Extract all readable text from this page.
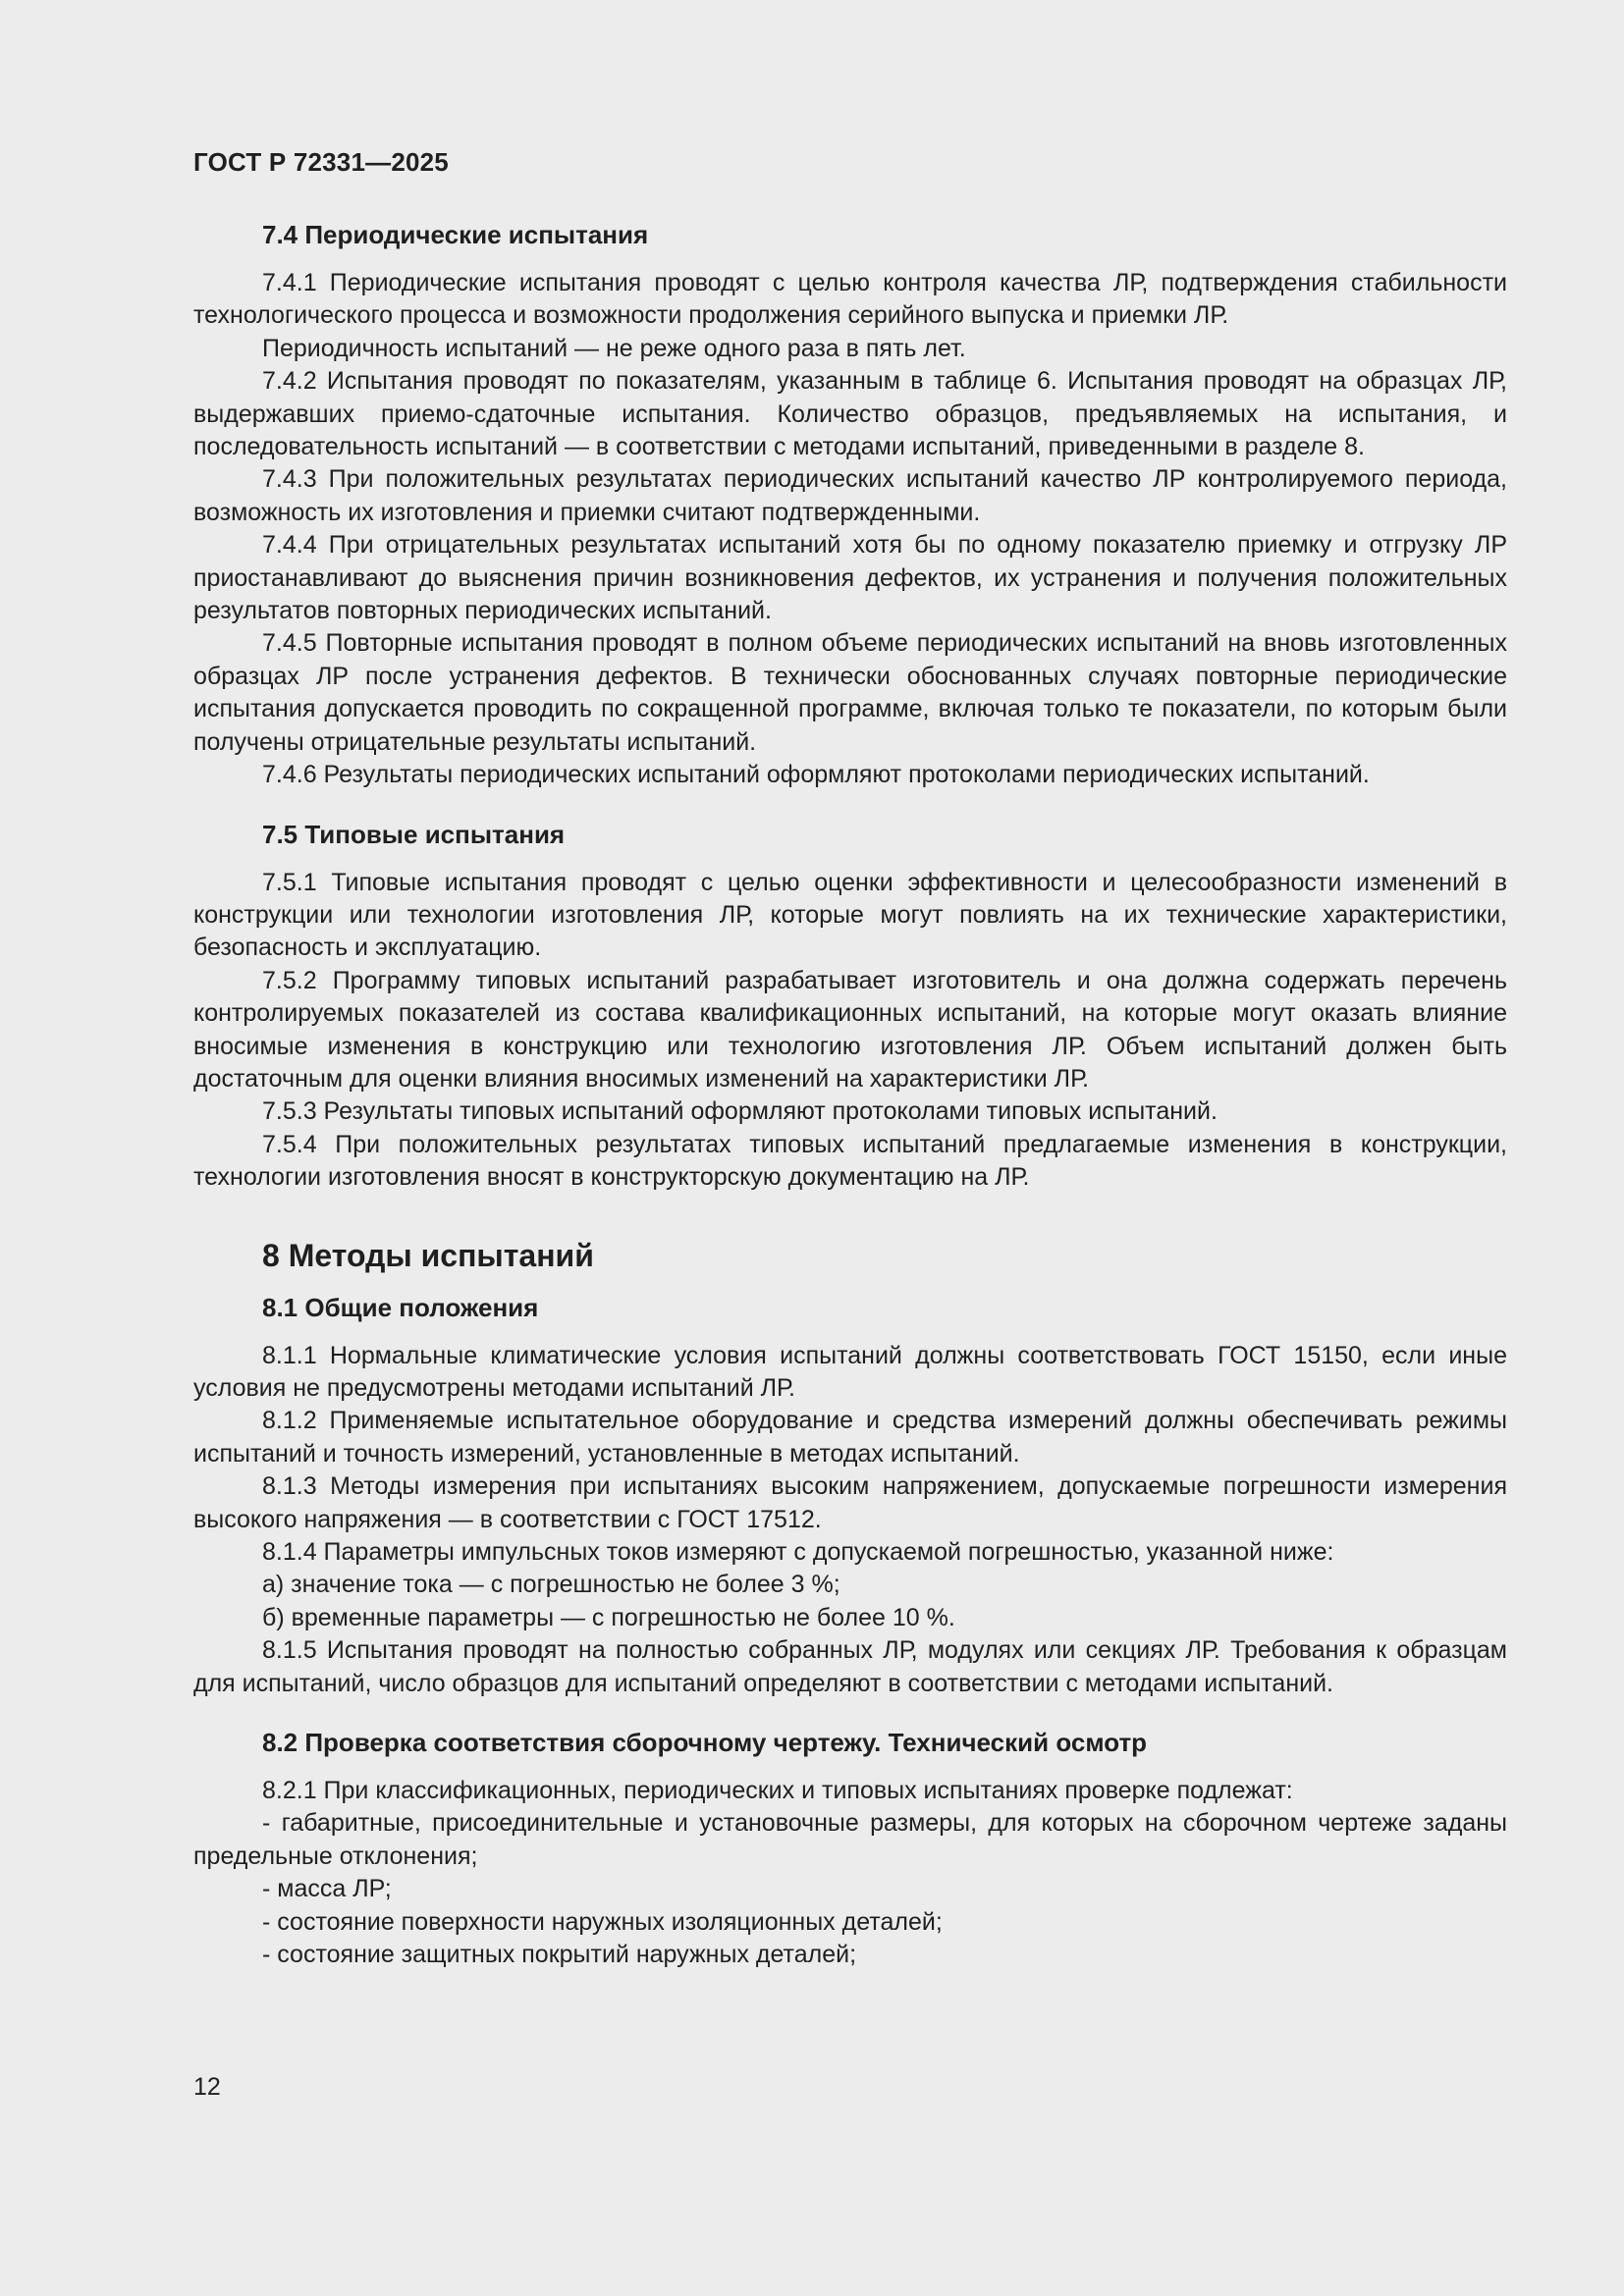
ГОСТ Р 72331—2025
7.4 Периодические испытания

7.4.1 Периодические испытания проводят с целью контроля качества ЛР, подтверждения стабильности технологического процесса и возможности продолжения серийного выпуска и приемки ЛР.

Периодичность испытаний — не реже одного раза в пять лет.

7.4.2 Испытания проводят по показателям, указанным в таблице 6. Испытания проводят на образцах ЛР, выдержавших приемо-сдаточные испытания. Количество образцов, предъявляемых на испытания, и последовательность испытаний — в соответствии с методами испытаний, приведенными в разделе 8.

7.4.3 При положительных результатах периодических испытаний качество ЛР контролируемого периода, возможность их изготовления и приемки считают подтвержденными.

7.4.4 При отрицательных результатах испытаний хотя бы по одному показателю приемку и отгрузку ЛР приостанавливают до выяснения причин возникновения дефектов, их устранения и получения положительных результатов повторных периодических испытаний.

7.4.5 Повторные испытания проводят в полном объеме периодических испытаний на вновь изготовленных образцах ЛР после устранения дефектов. В технически обоснованных случаях повторные периодические испытания допускается проводить по сокращенной программе, включая только те показатели, по которым были получены отрицательные результаты испытаний.

7.4.6 Результаты периодических испытаний оформляют протоколами периодических испытаний.

7.5 Типовые испытания

7.5.1 Типовые испытания проводят с целью оценки эффективности и целесообразности изменений в конструкции или технологии изготовления ЛР, которые могут повлиять на их технические характеристики, безопасность и эксплуатацию.

7.5.2 Программу типовых испытаний разрабатывает изготовитель и она должна содержать перечень контролируемых показателей из состава квалификационных испытаний, на которые могут оказать влияние вносимые изменения в конструкцию или технологию изготовления ЛР. Объем испытаний должен быть достаточным для оценки влияния вносимых изменений на характеристики ЛР.

7.5.3 Результаты типовых испытаний оформляют протоколами типовых испытаний.

7.5.4 При положительных результатах типовых испытаний предлагаемые изменения в конструкции, технологии изготовления вносят в конструкторскую документацию на ЛР.

8 Методы испытаний
8.1 Общие положения

8.1.1 Нормальные климатические условия испытаний должны соответствовать ГОСТ 15150, если иные условия не предусмотрены методами испытаний ЛР.

8.1.2 Применяемые испытательное оборудование и средства измерений должны обеспечивать режимы испытаний и точность измерений, установленные в методах испытаний.

8.1.3 Методы измерения при испытаниях высоким напряжением, допускаемые погрешности измерения высокого напряжения — в соответствии с ГОСТ 17512.

8.1.4 Параметры импульсных токов измеряют с допускаемой погрешностью, указанной ниже:

а) значение тока — с погрешностью не более 3 %;

б) временные параметры — с погрешностью не более 10 %.

8.1.5 Испытания проводят на полностью собранных ЛР, модулях или секциях ЛР. Требования к образцам для испытаний, число образцов для испытаний определяют в соответствии с методами испытаний.

8.2 Проверка соответствия сборочному чертежу. Технический осмотр

8.2.1 При классификационных, периодических и типовых испытаниях проверке подлежат:

- габаритные, присоединительные и установочные размеры, для которых на сборочном чертеже заданы предельные отклонения;

- масса ЛР;

- состояние поверхности наружных изоляционных деталей;

- состояние защитных покрытий наружных деталей;

12
